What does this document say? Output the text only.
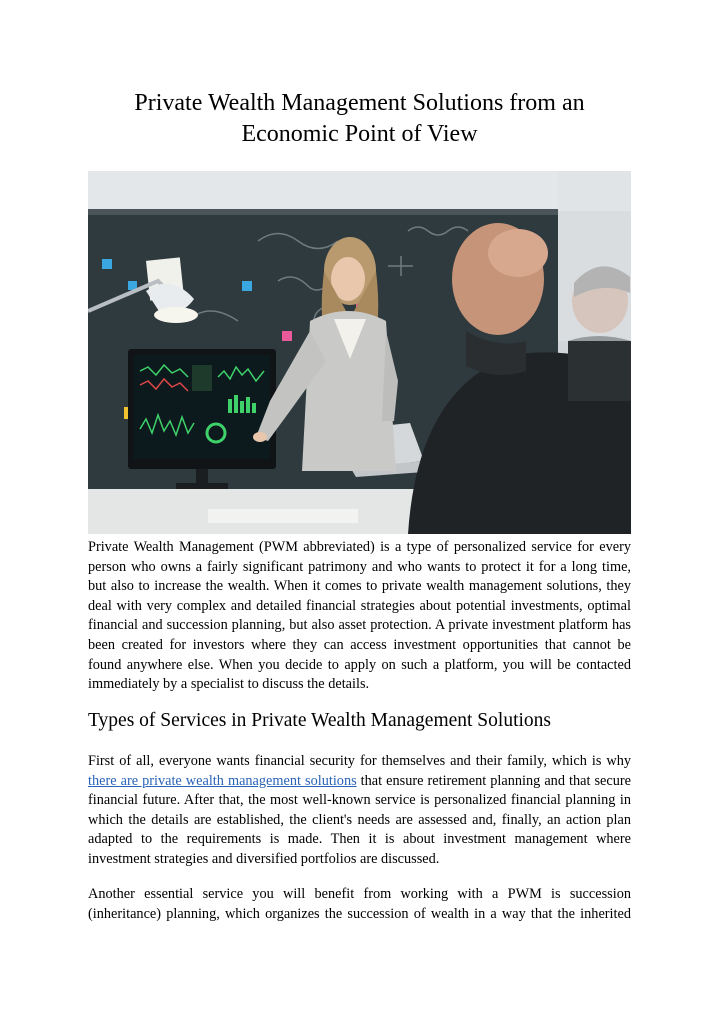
Private Wealth Management Solutions from an Economic Point of View

Private Wealth Management (PWM abbreviated) is a type of personalized service for every person who owns a fairly significant patrimony and who wants to protect it for a long time, but also to increase the wealth. When it comes to private wealth management solutions, they deal with very complex and detailed financial strategies about potential investments, optimal financial and succession planning, but also asset protection. A private investment platform has been created for investors where they can access investment opportunities that cannot be found anywhere else. When you decide to apply on such a platform, you will be contacted immediately by a specialist to discuss the details.

Types of Services in Private Wealth Management Solutions

First of all, everyone wants financial security for themselves and their family, which is why there are private wealth management solutions that ensure retirement planning and that secure financial future. After that, the most well-known service is personalized financial planning in which the details are established, the client's needs are assessed and, finally, an action plan adapted to the requirements is made. Then it is about investment management where investment strategies and diversified portfolios are discussed.

Another essential service you will benefit from working with a PWM is succession (inheritance) planning, which organizes the succession of wealth in a way that the inherited
